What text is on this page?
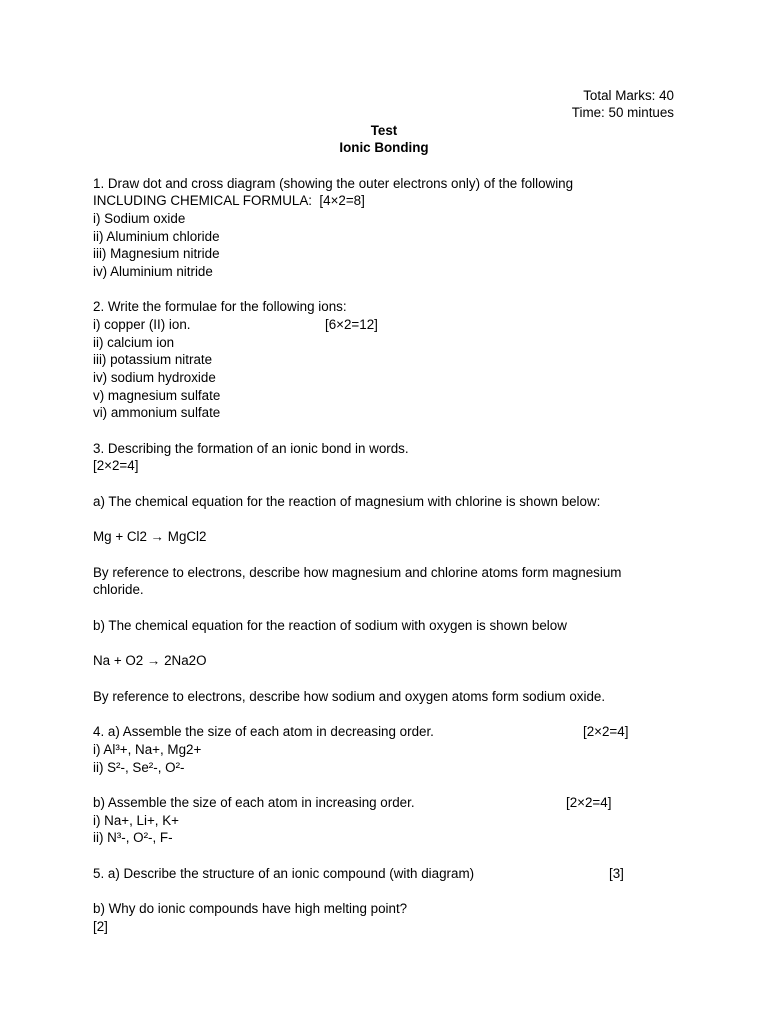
Total Marks: 40
Time: 50 mintues
Test
Ionic Bonding
1. Draw dot and cross diagram (showing the outer electrons only) of the following
INCLUDING CHEMICAL FORMULA:  [4×2=8]
i) Sodium oxide
ii) Aluminium chloride
iii) Magnesium nitride
iv) Aluminium nitride
2. Write the formulae for the following ions:
i) copper (II) ion.	[6×2=12]
ii) calcium ion
iii) potassium nitrate
iv) sodium hydroxide
v) magnesium sulfate
vi) ammonium sulfate
3. Describing the formation of an ionic bond in words.
[2×2=4]
a) The chemical equation for the reaction of magnesium with chlorine is shown below:
Mg + Cl2 → MgCl2
By reference to electrons, describe how magnesium and chlorine atoms form magnesium
chloride.
b) The chemical equation for the reaction of sodium with oxygen is shown below
Na + O2 → 2Na2O
By reference to electrons, describe how sodium and oxygen atoms form sodium oxide.
4. a) Assemble the size of each atom in decreasing order.	[2×2=4]
i) Al³+, Na+, Mg2+
ii) S²-, Se²-, O²-
b) Assemble the size of each atom in increasing order.	[2×2=4]
i) Na+, Li+, K+
ii) N³-, O²-, F-
5. a) Describe the structure of an ionic compound (with diagram)	[3]
b) Why do ionic compounds have high melting point?
[2]
